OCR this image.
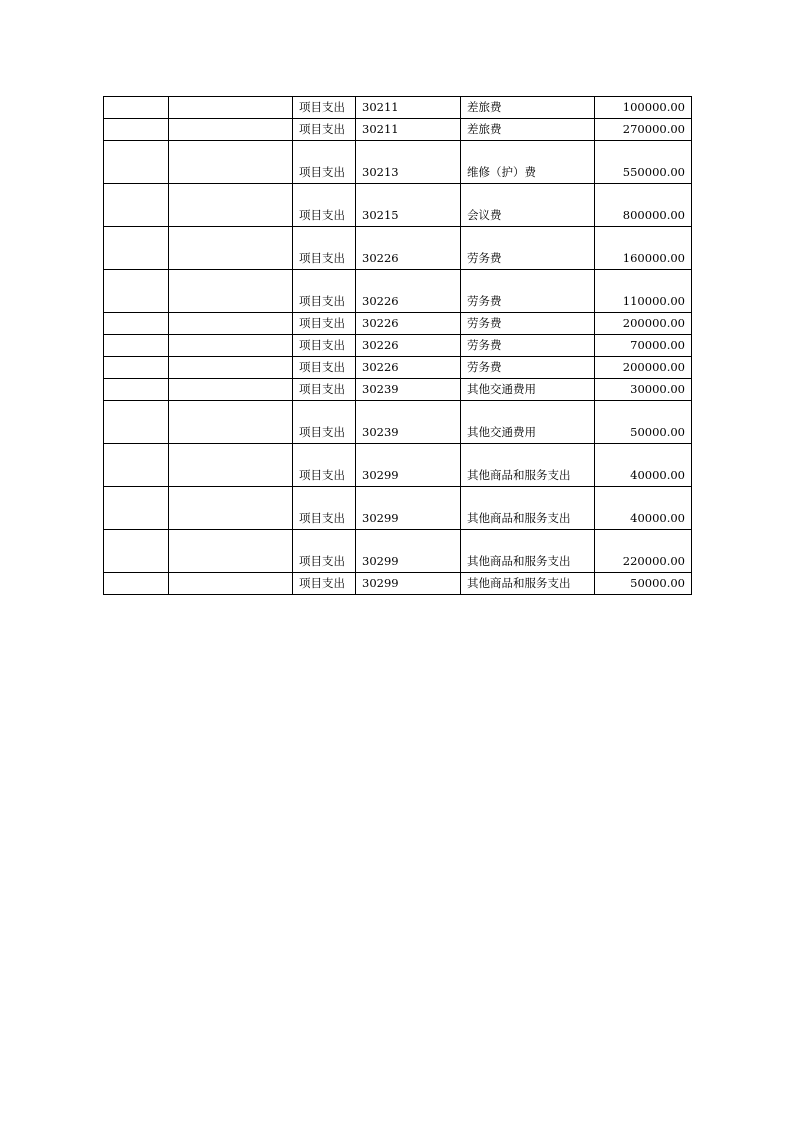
		项目支出	30211	差旅费	100000.00
		项目支出	30211	差旅费	270000.00
		项目支出	30213	维修（护）费	550000.00
		项目支出	30215	会议费	800000.00
		项目支出	30226	劳务费	160000.00
		项目支出	30226	劳务费	110000.00
		项目支出	30226	劳务费	200000.00
		项目支出	30226	劳务费	70000.00
		项目支出	30226	劳务费	200000.00
		项目支出	30239	其他交通费用	30000.00
		项目支出	30239	其他交通费用	50000.00
		项目支出	30299	其他商品和服务支出	40000.00
		项目支出	30299	其他商品和服务支出	40000.00
		项目支出	30299	其他商品和服务支出	220000.00
		项目支出	30299	其他商品和服务支出	50000.00
